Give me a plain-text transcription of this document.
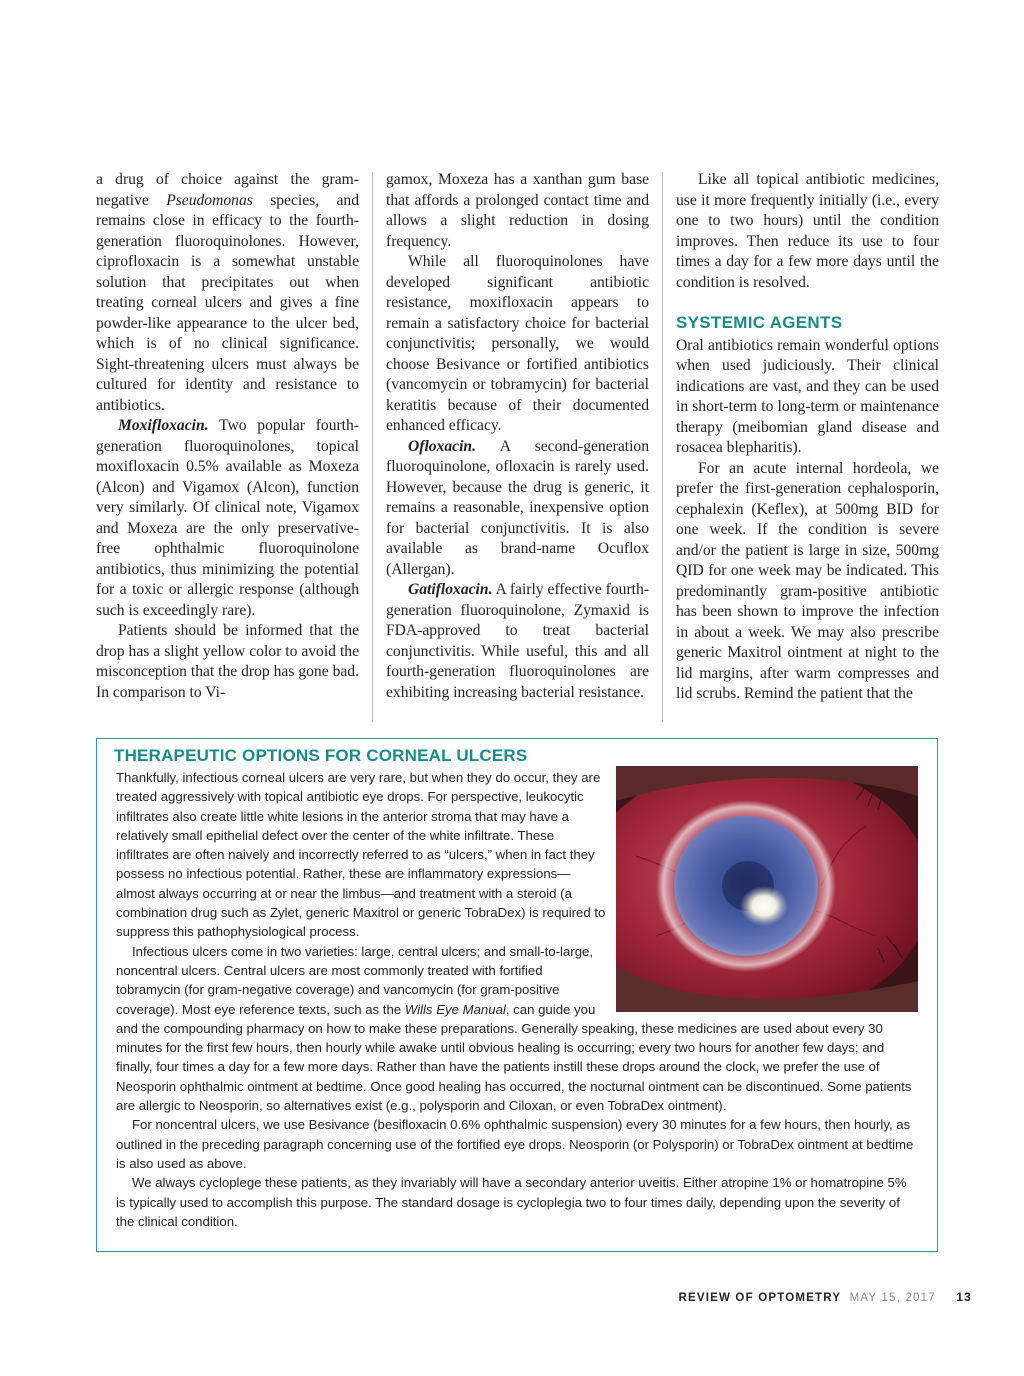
a drug of choice against the gram-negative Pseudomonas species, and remains close in efficacy to the fourth-generation fluoroquinolones. However, ciprofloxacin is a somewhat unstable solution that precipitates out when treating corneal ulcers and gives a fine powder-like appearance to the ulcer bed, which is of no clinical significance. Sight-threatening ulcers must always be cultured for identity and resistance to antibiotics.

Moxifloxacin. Two popular fourth-generation fluoroquinolones, topical moxifloxacin 0.5% available as Moxeza (Alcon) and Vigamox (Alcon), function very similarly. Of clinical note, Vigamox and Moxeza are the only preservative-free ophthalmic fluoroquinolone antibiotics, thus minimizing the potential for a toxic or allergic response (although such is exceedingly rare).

Patients should be informed that the drop has a slight yellow color to avoid the misconception that the drop has gone bad. In comparison to Vi-

gamox, Moxeza has a xanthan gum base that affords a prolonged contact time and allows a slight reduction in dosing frequency.

While all fluoroquinolones have developed significant antibiotic resistance, moxifloxacin appears to remain a satisfactory choice for bacterial conjunctivitis; personally, we would choose Besivance or fortified antibiotics (vancomycin or tobramycin) for bacterial keratitis because of their documented enhanced efficacy.

Ofloxacin. A second-generation fluoroquinolone, ofloxacin is rarely used. However, because the drug is generic, it remains a reasonable, inexpensive option for bacterial conjunctivitis. It is also available as brand-name Ocuflox (Allergan).

Gatifloxacin. A fairly effective fourth-generation fluoroquinolone, Zymaxid is FDA-approved to treat bacterial conjunctivitis. While useful, this and all fourth-generation fluoroquinolones are exhibiting increasing bacterial resistance.

Like all topical antibiotic medicines, use it more frequently initially (i.e., every one to two hours) until the condition improves. Then reduce its use to four times a day for a few more days until the condition is resolved.

SYSTEMIC AGENTS

Oral antibiotics remain wonderful options when used judiciously. Their clinical indications are vast, and they can be used in short-term to long-term or maintenance therapy (meibomian gland disease and rosacea blepharitis).

For an acute internal hordeola, we prefer the first-generation cephalosporin, cephalexin (Keflex), at 500mg BID for one week. If the condition is severe and/or the patient is large in size, 500mg QID for one week may be indicated. This predominantly gram-positive antibiotic has been shown to improve the infection in about a week. We may also prescribe generic Maxitrol ointment at night to the lid margins, after warm compresses and lid scrubs. Remind the patient that the

THERAPEUTIC OPTIONS FOR CORNEAL ULCERS

Thankfully, infectious corneal ulcers are very rare, but when they do occur, they are treated aggressively with topical antibiotic eye drops. For perspective, leukocytic infiltrates also create little white lesions in the anterior stroma that may have a relatively small epithelial defect over the center of the white infiltrate. These infiltrates are often naively and incorrectly referred to as “ulcers,” when in fact they possess no infectious potential. Rather, these are inflammatory expressions—almost always occurring at or near the limbus—and treatment with a steroid (a combination drug such as Zylet, generic Maxitrol or generic TobraDex) is required to suppress this pathophysiological process.

Infectious ulcers come in two varieties: large, central ulcers; and small-to-large, noncentral ulcers. Central ulcers are most commonly treated with fortified tobramycin (for gram-negative coverage) and vancomycin (for gram-positive coverage). Most eye reference texts, such as the Wills Eye Manual, can guide you and the compounding pharmacy on how to make these preparations. Generally speaking, these medicines are used about every 30 minutes for the first few hours, then hourly while awake until obvious healing is occurring; every two hours for another few days; and finally, four times a day for a few more days. Rather than have the patients instill these drops around the clock, we prefer the use of Neosporin ophthalmic ointment at bedtime. Once good healing has occurred, the nocturnal ointment can be discontinued. Some patients are allergic to Neosporin, so alternatives exist (e.g., polysporin and Ciloxan, or even TobraDex ointment).

For noncentral ulcers, we use Besivance (besifloxacin 0.6% ophthalmic suspension) every 30 minutes for a few hours, then hourly, as outlined in the preceding paragraph concerning use of the fortified eye drops. Neosporin (or Polysporin) or TobraDex ointment at bedtime is also used as above.

We always cycloplege these patients, as they invariably will have a secondary anterior uveitis. Either atropine 1% or homatropine 5% is typically used to accomplish this purpose. The standard dosage is cycloplegia two to four times daily, depending upon the severity of the clinical condition.

REVIEW OF OPTOMETRY MAY 15, 2017 13
